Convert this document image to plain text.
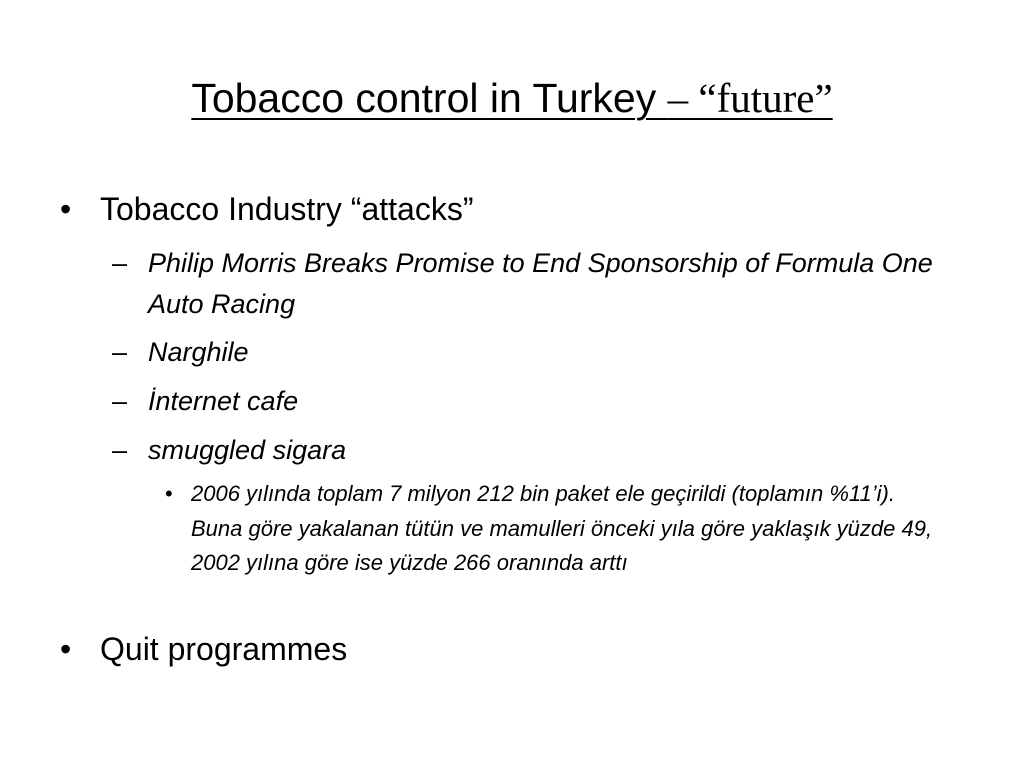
Tobacco control in Turkey – “future”
• Tobacco Industry “attacks”
– Philip Morris Breaks Promise to End Sponsorship of Formula One Auto Racing
– Narghile
– İnternet cafe
– smuggled sigara
• 2006 yılında toplam 7 milyon 212 bin paket ele geçirildi (toplamın %11’i). Buna göre yakalanan tütün ve mamulleri önceki yıla göre yaklaşık yüzde 49, 2002 yılına göre ise yüzde 266 oranında arttı
• Quit programmes
